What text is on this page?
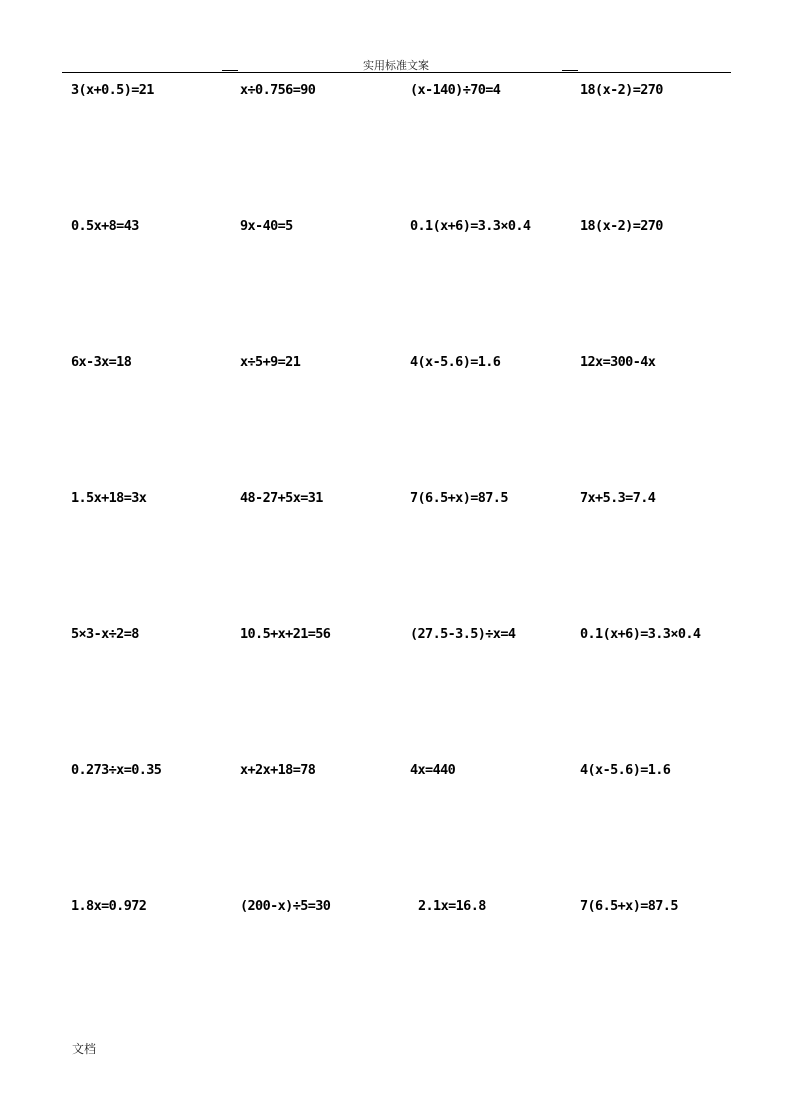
实用标准文案
3(x+0.5)=21	x÷0.756=90	(x-140)÷70=4	18(x-2)=270
0.5x+8=43	9x-40=5	0.1(x+6)=3.3×0.4	18(x-2)=270
6x-3x=18	x÷5+9=21	4(x-5.6)=1.6	12x=300-4x
1.5x+18=3x	48-27+5x=31	7(6.5+x)=87.5	7x+5.3=7.4
5×3-x÷2=8	10.5+x+21=56	(27.5-3.5)÷x=4	0.1(x+6)=3.3×0.4
0.273÷x=0.35	x+2x+18=78	4x=440	4(x-5.6)=1.6
1.8x=0.972	(200-x)÷5=30	2.1x=16.8	7(6.5+x)=87.5
文档
